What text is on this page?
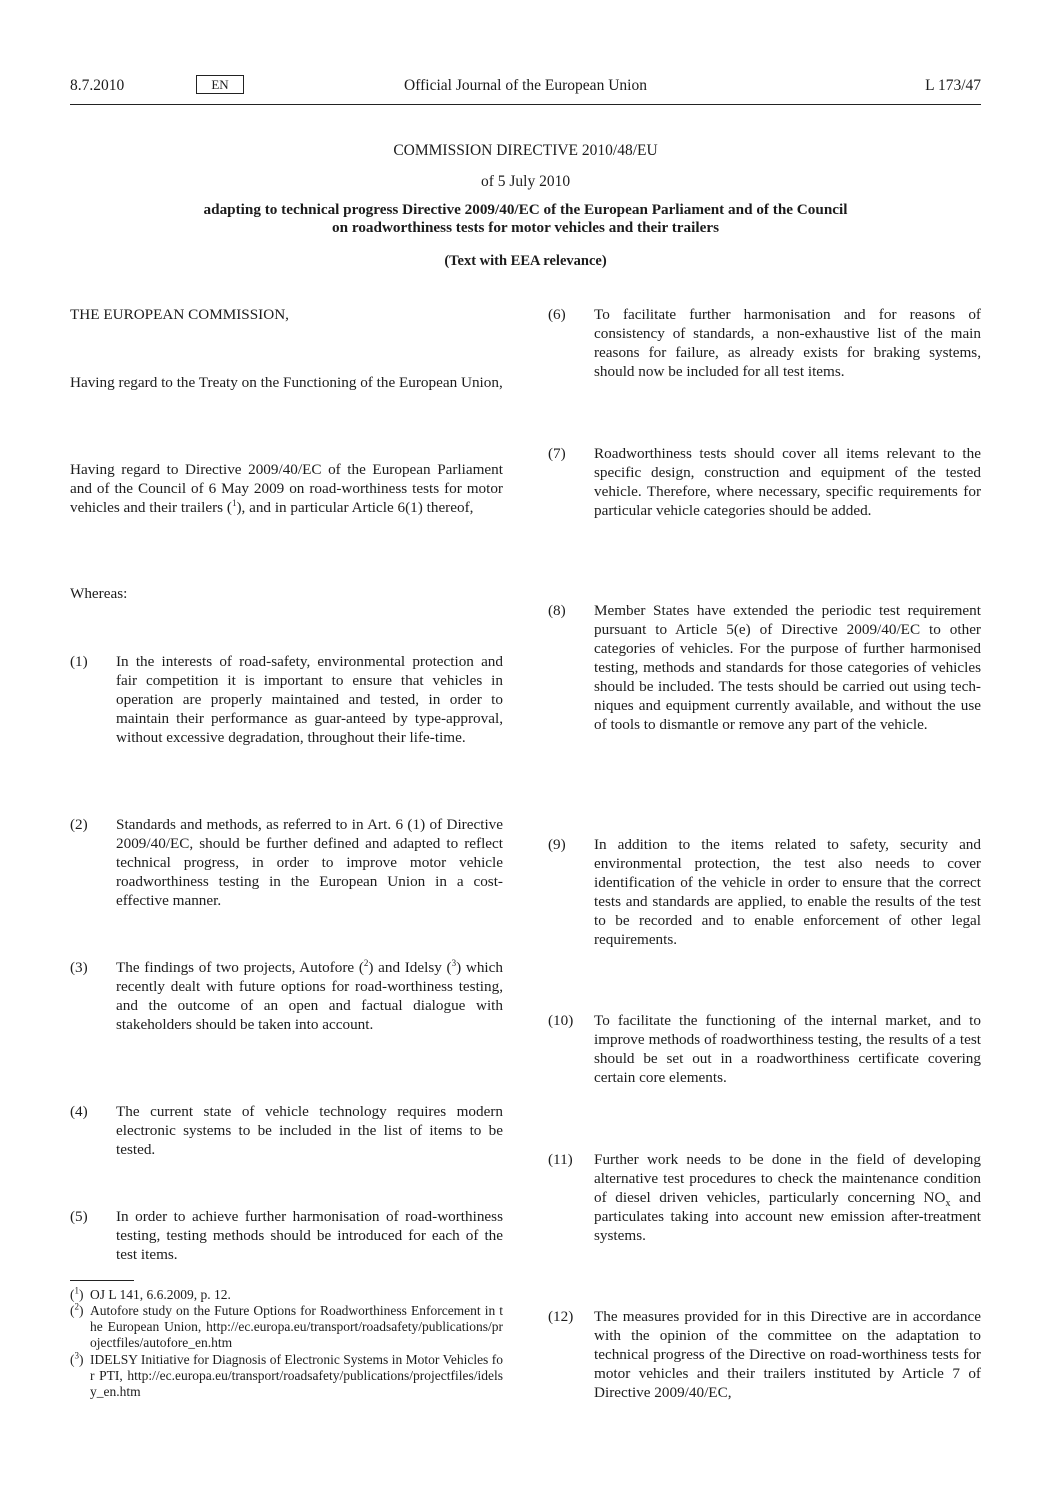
8.7.2010	EN	Official Journal of the European Union	L 173/47
COMMISSION DIRECTIVE 2010/48/EU
of 5 July 2010
adapting to technical progress Directive 2009/40/EC of the European Parliament and of the Council
on roadworthiness tests for motor vehicles and their trailers
(Text with EEA relevance)
THE EUROPEAN COMMISSION,
Having regard to the Treaty on the Functioning of the European Union,
Having regard to Directive 2009/40/EC of the European Parliament and of the Council of 6 May 2009 on road-worthiness tests for motor vehicles and their trailers ($^1$), and in particular Article 6(1) thereof,
Whereas:
(1) In the interests of road-safety, environmental protection and fair competition it is important to ensure that vehicles in operation are properly maintained and tested, in order to maintain their performance as guar-anteed by type-approval, without excessive degradation, throughout their life-time.
(2) Standards and methods, as referred to in Art. 6 (1) of Directive 2009/40/EC, should be further defined and adapted to reflect technical progress, in order to improve motor vehicle roadworthiness testing in the European Union in a cost-effective manner.
(3) The findings of two projects, Autofore ($^2$) and Idelsy ($^3$) which recently dealt with future options for road-worthiness testing, and the outcome of an open and factual dialogue with stakeholders should be taken into account.
(4) The current state of vehicle technology requires modern electronic systems to be included in the list of items to be tested.
(5) In order to achieve further harmonisation of road-worthiness testing, testing methods should be introduced for each of the test items.
(6) To facilitate further harmonisation and for reasons of consistency of standards, a non-exhaustive list of the main reasons for failure, as already exists for braking systems, should now be included for all test items.
(7) Roadworthiness tests should cover all items relevant to the specific design, construction and equipment of the tested vehicle. Therefore, where necessary, specific requirements for particular vehicle categories should be added.
(8) Member States have extended the periodic test requirement pursuant to Article 5(e) of Directive 2009/40/EC to other categories of vehicles. For the purpose of further harmonised testing, methods and standards for those categories of vehicles should be included. The tests should be carried out using tech-niques and equipment currently available, and without the use of tools to dismantle or remove any part of the vehicle.
(9) In addition to the items related to safety, security and environmental protection, the test also needs to cover identification of the vehicle in order to ensure that the correct tests and standards are applied, to enable the results of the test to be recorded and to enable enforcement of other legal requirements.
(10) To facilitate the functioning of the internal market, and to improve methods of roadworthiness testing, the results of a test should be set out in a roadworthiness certificate covering certain core elements.
(11) Further work needs to be done in the field of developing alternative test procedures to check the maintenance condition of diesel driven vehicles, particularly concerning $NO_x$ and particulates taking into account new emission after-treatment systems.
(12) The measures provided for in this Directive are in accordance with the opinion of the committee on the adaptation to technical progress of the Directive on road-worthiness tests for motor vehicles and their trailers instituted by Article 7 of Directive 2009/40/EC,
($^1$) OJ L 141, 6.6.2009, p. 12.
($^2$) Autofore study on the Future Options for Roadworthiness Enforcement in the European Union, http://ec.europa.eu/transport/roadsafety/publications/projectfiles/autofore_en.htm
($^3$) IDELSY Initiative for Diagnosis of Electronic Systems in Motor Vehicles for PTI, http://ec.europa.eu/transport/roadsafety/publications/projectfiles/idelsy_en.htm
